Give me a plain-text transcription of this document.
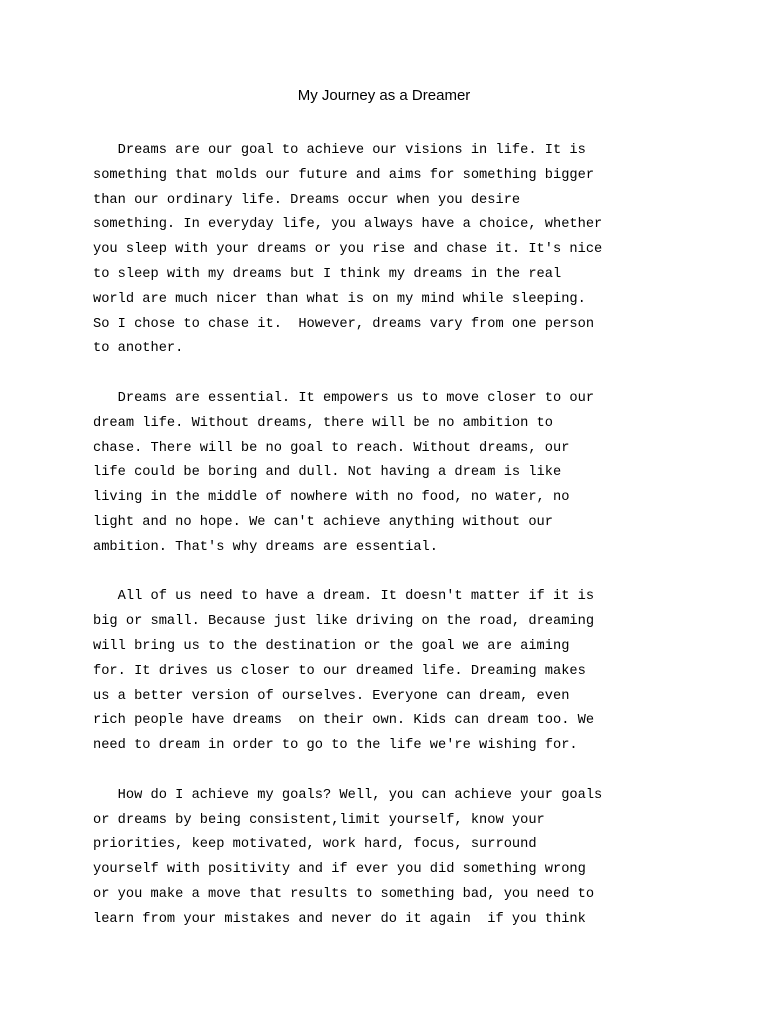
My Journey as a Dreamer

Dreams are our goal to achieve our visions in life. It is
something that molds our future and aims for something bigger
than our ordinary life. Dreams occur when you desire
something. In everyday life, you always have a choice, whether
you sleep with your dreams or you rise and chase it. It's nice
to sleep with my dreams but I think my dreams in the real
world are much nicer than what is on my mind while sleeping.
So I chose to chase it.  However, dreams vary from one person
to another.

Dreams are essential. It empowers us to move closer to our
dream life. Without dreams, there will be no ambition to
chase. There will be no goal to reach. Without dreams, our
life could be boring and dull. Not having a dream is like
living in the middle of nowhere with no food, no water, no
light and no hope. We can't achieve anything without our
ambition. That's why dreams are essential.

All of us need to have a dream. It doesn't matter if it is
big or small. Because just like driving on the road, dreaming
will bring us to the destination or the goal we are aiming
for. It drives us closer to our dreamed life. Dreaming makes
us a better version of ourselves. Everyone can dream, even
rich people have dreams  on their own. Kids can dream too. We
need to dream in order to go to the life we're wishing for.

How do I achieve my goals? Well, you can achieve your goals
or dreams by being consistent,limit yourself, know your
priorities, keep motivated, work hard, focus, surround
yourself with positivity and if ever you did something wrong
or you make a move that results to something bad, you need to
learn from your mistakes and never do it again  if you think
